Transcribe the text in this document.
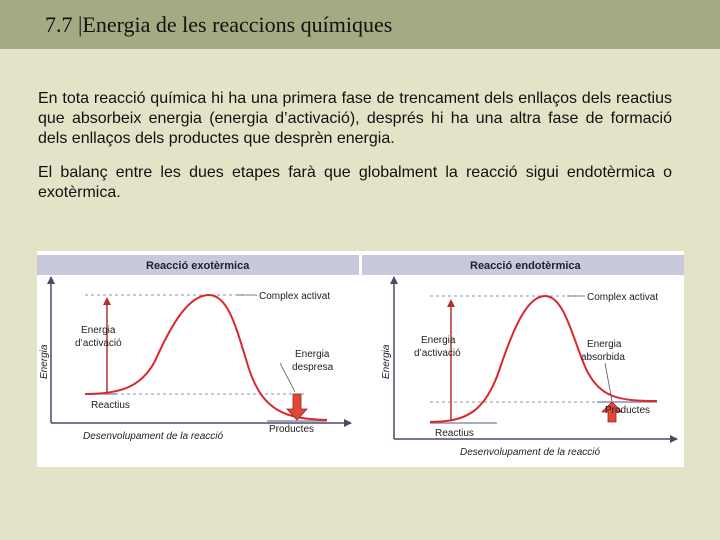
7.7 |Energia de les reaccions químiques

En tota reacció química hi ha una primera fase de trencament dels enllaços dels reactius que absorbeix energia (energia d’activació), després hi ha una altra fase de formació dels enllaços dels productes que desprèn energia.

El balanç entre les dues etapes farà que globalment la reacció sigui endotèrmica o exotèrmica.

Reacció exotèrmica
Energia
Desenvolupament de la reacció
Complex activat
Energia
d’activació
Energia
despresa
Reactius
Productes
Reacció endotèrmica
Energia
Desenvolupament de la reacció
Complex activat
Energia
d’activació
Energia
absorbida
Productes
Reactius
